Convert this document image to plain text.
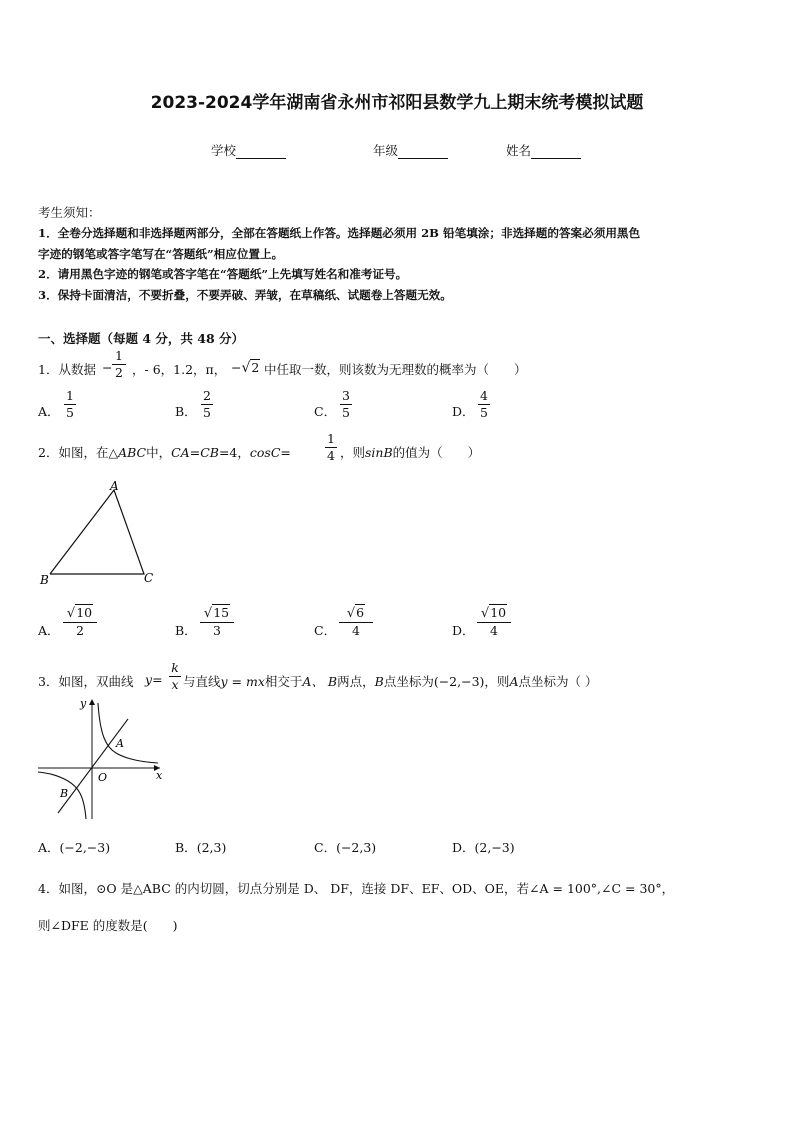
2023-2024学年湖南省永州市祁阳县数学九上期末统考模拟试题
学校	年级	姓名
考生须知：
1．全卷分选择题和非选择题两部分，全部在答题纸上作答。选择题必须用 2B 铅笔填涂；非选择题的答案必须用黑色
字迹的钢笔或答字笔写在“答题纸”相应位置上。
2．请用黑色字迹的钢笔或答字笔在“答题纸”上先填写姓名和准考证号。
3．保持卡面清洁，不要折叠，不要弄破、弄皱，在草稿纸、试题卷上答题无效。
一、选择题（每题 4 分，共 48 分）
1．从数据 −
1
2 ，- 6，1.2，π， −√2 中任取一数，则该数为无理数的概率为（　　）
A．
1
5	B．
2
5	C．
3
5	D．
4
5
2．如图，在△ABC中，CA=CB=4，cosC=
1
4 ，则sinB的值为（　　）
A
B	C
A．
√10
2	B．
√15
3	C．
√6
4	D．
√10
4
3．如图，双曲线 y=
k
x 与直线y = mx相交于A、 B两点，B点坐标为(−2,−3)，则A点坐标为（ ）
y
x
O
A
B
A．(−2,−3)	B．(2,3)	C．(−2,3)	D．(2,−3)
4．如图，⊙O 是△ABC 的内切圆，切点分别是 D、 DF，连接 DF、EF、OD、OE，若∠A = 100°,∠C = 30°，
则∠DFE 的度数是(　　)
